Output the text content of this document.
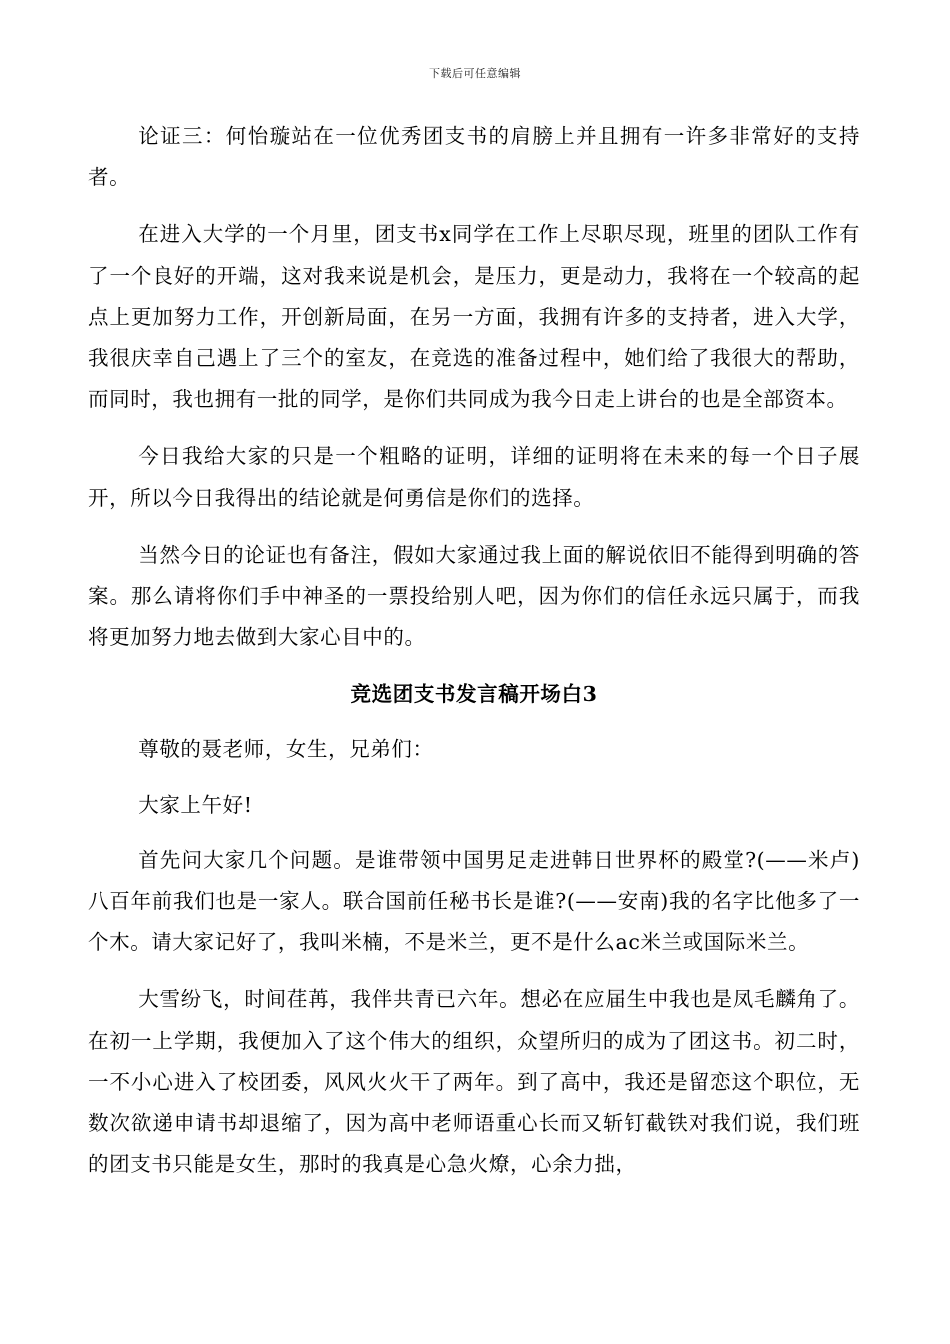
下载后可任意编辑

论证三：何怡璇站在一位优秀团支书的肩膀上并且拥有一许多非常好的支持者。

在进入大学的一个月里，团支书x同学在工作上尽职尽现，班里的团队工作有了一个良好的开端，这对我来说是机会，是压力，更是动力，我将在一个较高的起点上更加努力工作，开创新局面，在另一方面，我拥有许多的支持者，进入大学，我很庆幸自己遇上了三个的室友，在竞选的准备过程中，她们给了我很大的帮助，而同时，我也拥有一批的同学，是你们共同成为我今日走上讲台的也是全部资本。

今日我给大家的只是一个粗略的证明，详细的证明将在未来的每一个日子展开，所以今日我得出的结论就是何勇信是你们的选择。

当然今日的论证也有备注，假如大家通过我上面的解说依旧不能得到明确的答案。那么请将你们手中神圣的一票投给别人吧，因为你们的信任永远只属于，而我将更加努力地去做到大家心目中的。

竞选团支书发言稿开场白3

尊敬的聂老师，女生，兄弟们：

大家上午好!

首先问大家几个问题。是谁带领中国男足走进韩日世界杯的殿堂?(——米卢)八百年前我们也是一家人。联合国前任秘书长是谁?(——安南)我的名字比他多了一个木。请大家记好了，我叫米楠，不是米兰，更不是什么ac米兰或国际米兰。

大雪纷飞，时间荏苒，我伴共青已六年。想必在应届生中我也是凤毛麟角了。在初一上学期，我便加入了这个伟大的组织，众望所归的成为了团这书。初二时，一不小心进入了校团委，风风火火干了两年。到了高中，我还是留恋这个职位，无数次欲递申请书却退缩了，因为高中老师语重心长而又斩钉截铁对我们说，我们班的团支书只能是女生，那时的我真是心急火燎，心余力拙，
